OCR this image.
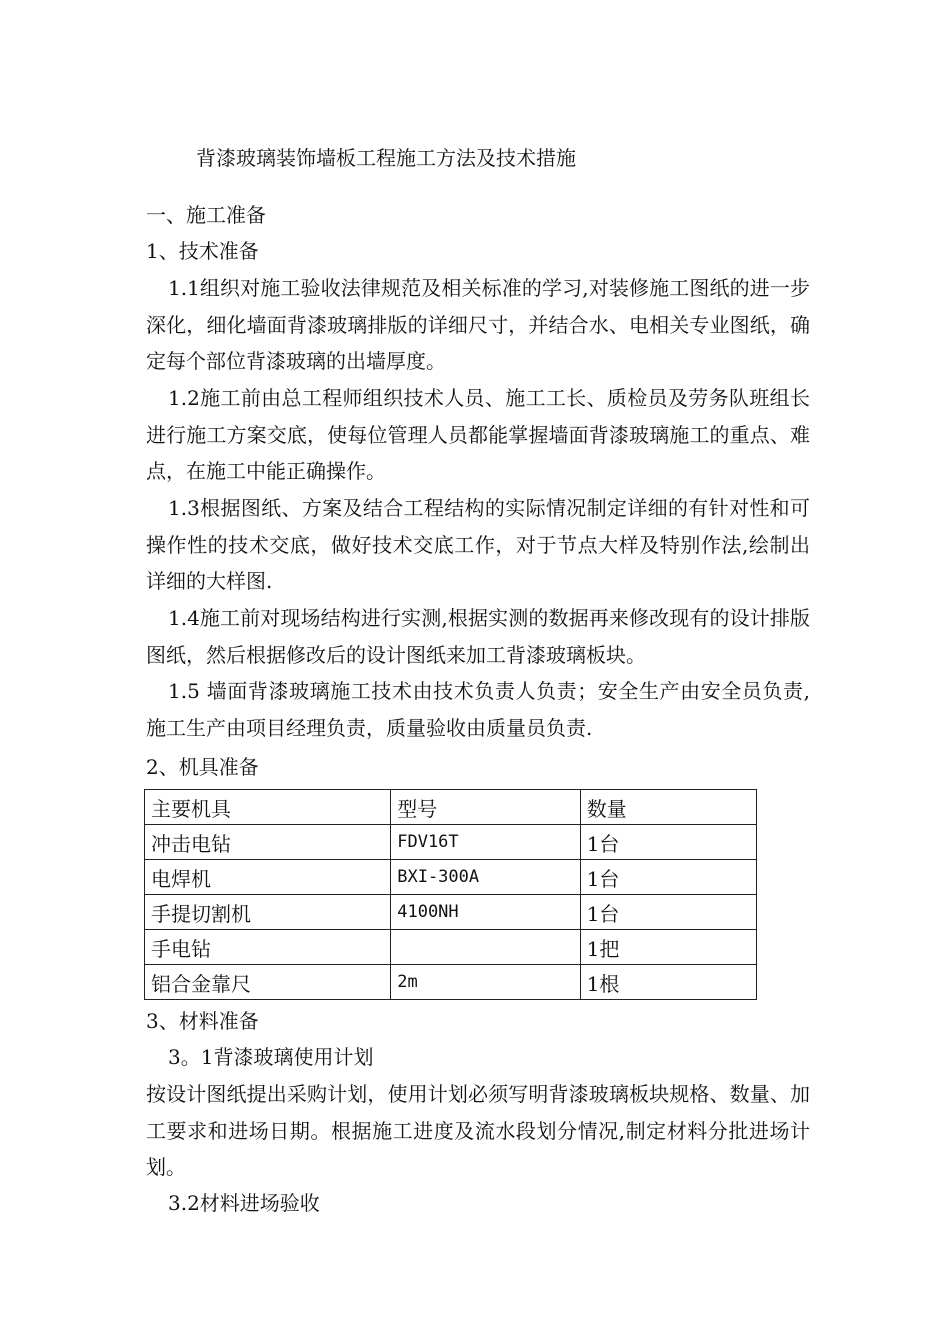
背漆玻璃装饰墙板工程施工方法及技术措施
一、施工准备
1、技术准备
1.1组织对施工验收法律规范及相关标准的学习,对装修施工图纸的进一步深化，细化墙面背漆玻璃排版的详细尺寸，并结合水、电相关专业图纸，确定每个部位背漆玻璃的出墙厚度。
1.2施工前由总工程师组织技术人员、施工工长、质检员及劳务队班组长进行施工方案交底，使每位管理人员都能掌握墙面背漆玻璃施工的重点、难点，在施工中能正确操作。
1.3根据图纸、方案及结合工程结构的实际情况制定详细的有针对性和可操作性的技术交底，做好技术交底工作，对于节点大样及特别作法,绘制出详细的大样图.
1.4施工前对现场结构进行实测,根据实测的数据再来修改现有的设计排版图纸，然后根据修改后的设计图纸来加工背漆玻璃板块。
1.5 墙面背漆玻璃施工技术由技术负责人负责；安全生产由安全员负责,施工生产由项目经理负责，质量验收由质量员负责.
2、机具准备
主要机具	型号	数量
冲击电钻	FDV16T	1台
电焊机	BXI-300A	1台
手提切割机	4100NH	1台
手电钻		1把
铝合金靠尺	2m	1根
3、材料准备
3。1背漆玻璃使用计划
按设计图纸提出采购计划，使用计划必须写明背漆玻璃板块规格、数量、加工要求和进场日期。根据施工进度及流水段划分情况,制定材料分批进场计划。
3.2材料进场验收
